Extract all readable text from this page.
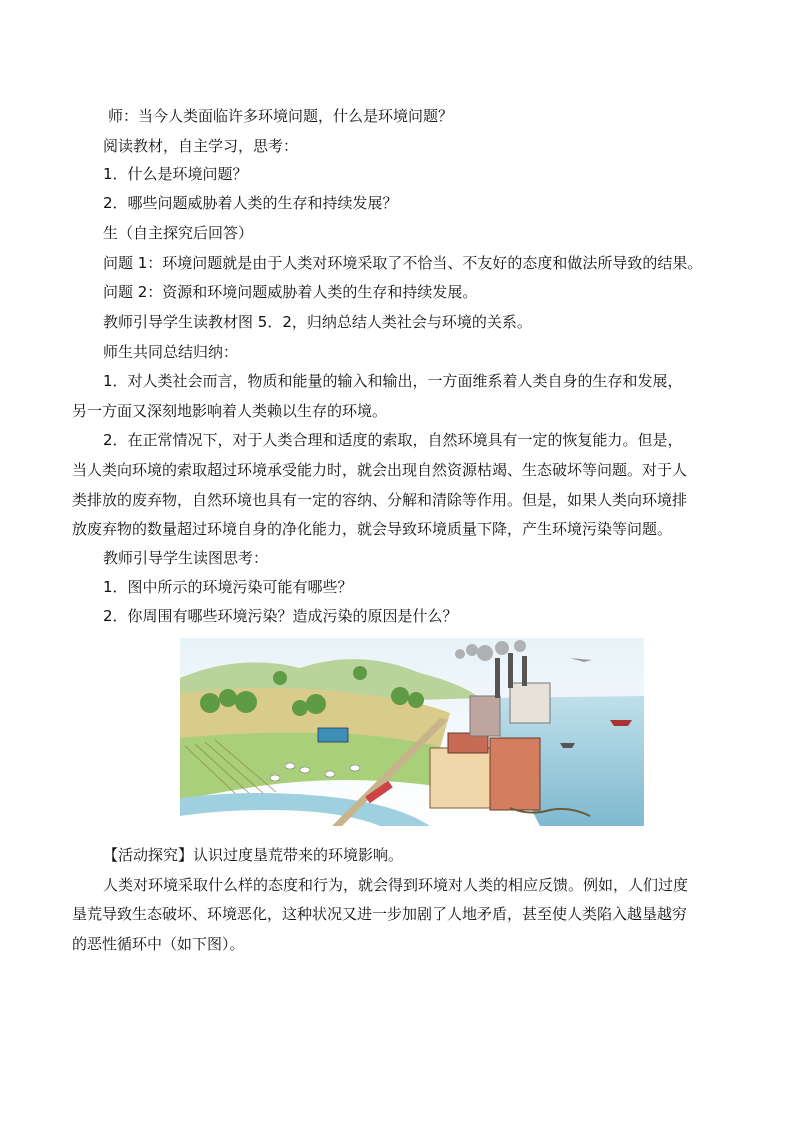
师：当今人类面临许多环境问题，什么是环境问题？
阅读教材，自主学习，思考：
1．什么是环境问题？
2．哪些问题威胁着人类的生存和持续发展？
生（自主探究后回答）
问题 1：环境问题就是由于人类对环境采取了不恰当、不友好的态度和做法所导致的结果。
问题 2：资源和环境问题威胁着人类的生存和持续发展。
教师引导学生读教材图 5．2，归纳总结人类社会与环境的关系。
师生共同总结归纳：
1．对人类社会而言，物质和能量的输入和输出，一方面维系着人类自身的生存和发展，
另一方面又深刻地影响着人类赖以生存的环境。
2．在正常情况下，对于人类合理和适度的索取，自然环境具有一定的恢复能力。但是，
当人类向环境的索取超过环境承受能力时，就会出现自然资源枯竭、生态破坏等问题。对于人
类排放的废弃物，自然环境也具有一定的容纳、分解和清除等作用。但是，如果人类向环境排
放废弃物的数量超过环境自身的净化能力，就会导致环境质量下降，产生环境污染等问题。
教师引导学生读图思考：
1．图中所示的环境污染可能有哪些？
2．你周围有哪些环境污染？造成污染的原因是什么？
【活动探究】认识过度垦荒带来的环境影响。
人类对环境采取什么样的态度和行为，就会得到环境对人类的相应反馈。例如，人们过度
垦荒导致生态破坏、环境恶化，这种状况又进一步加剧了人地矛盾，甚至使人类陷入越垦越穷
的恶性循环中（如下图）。
